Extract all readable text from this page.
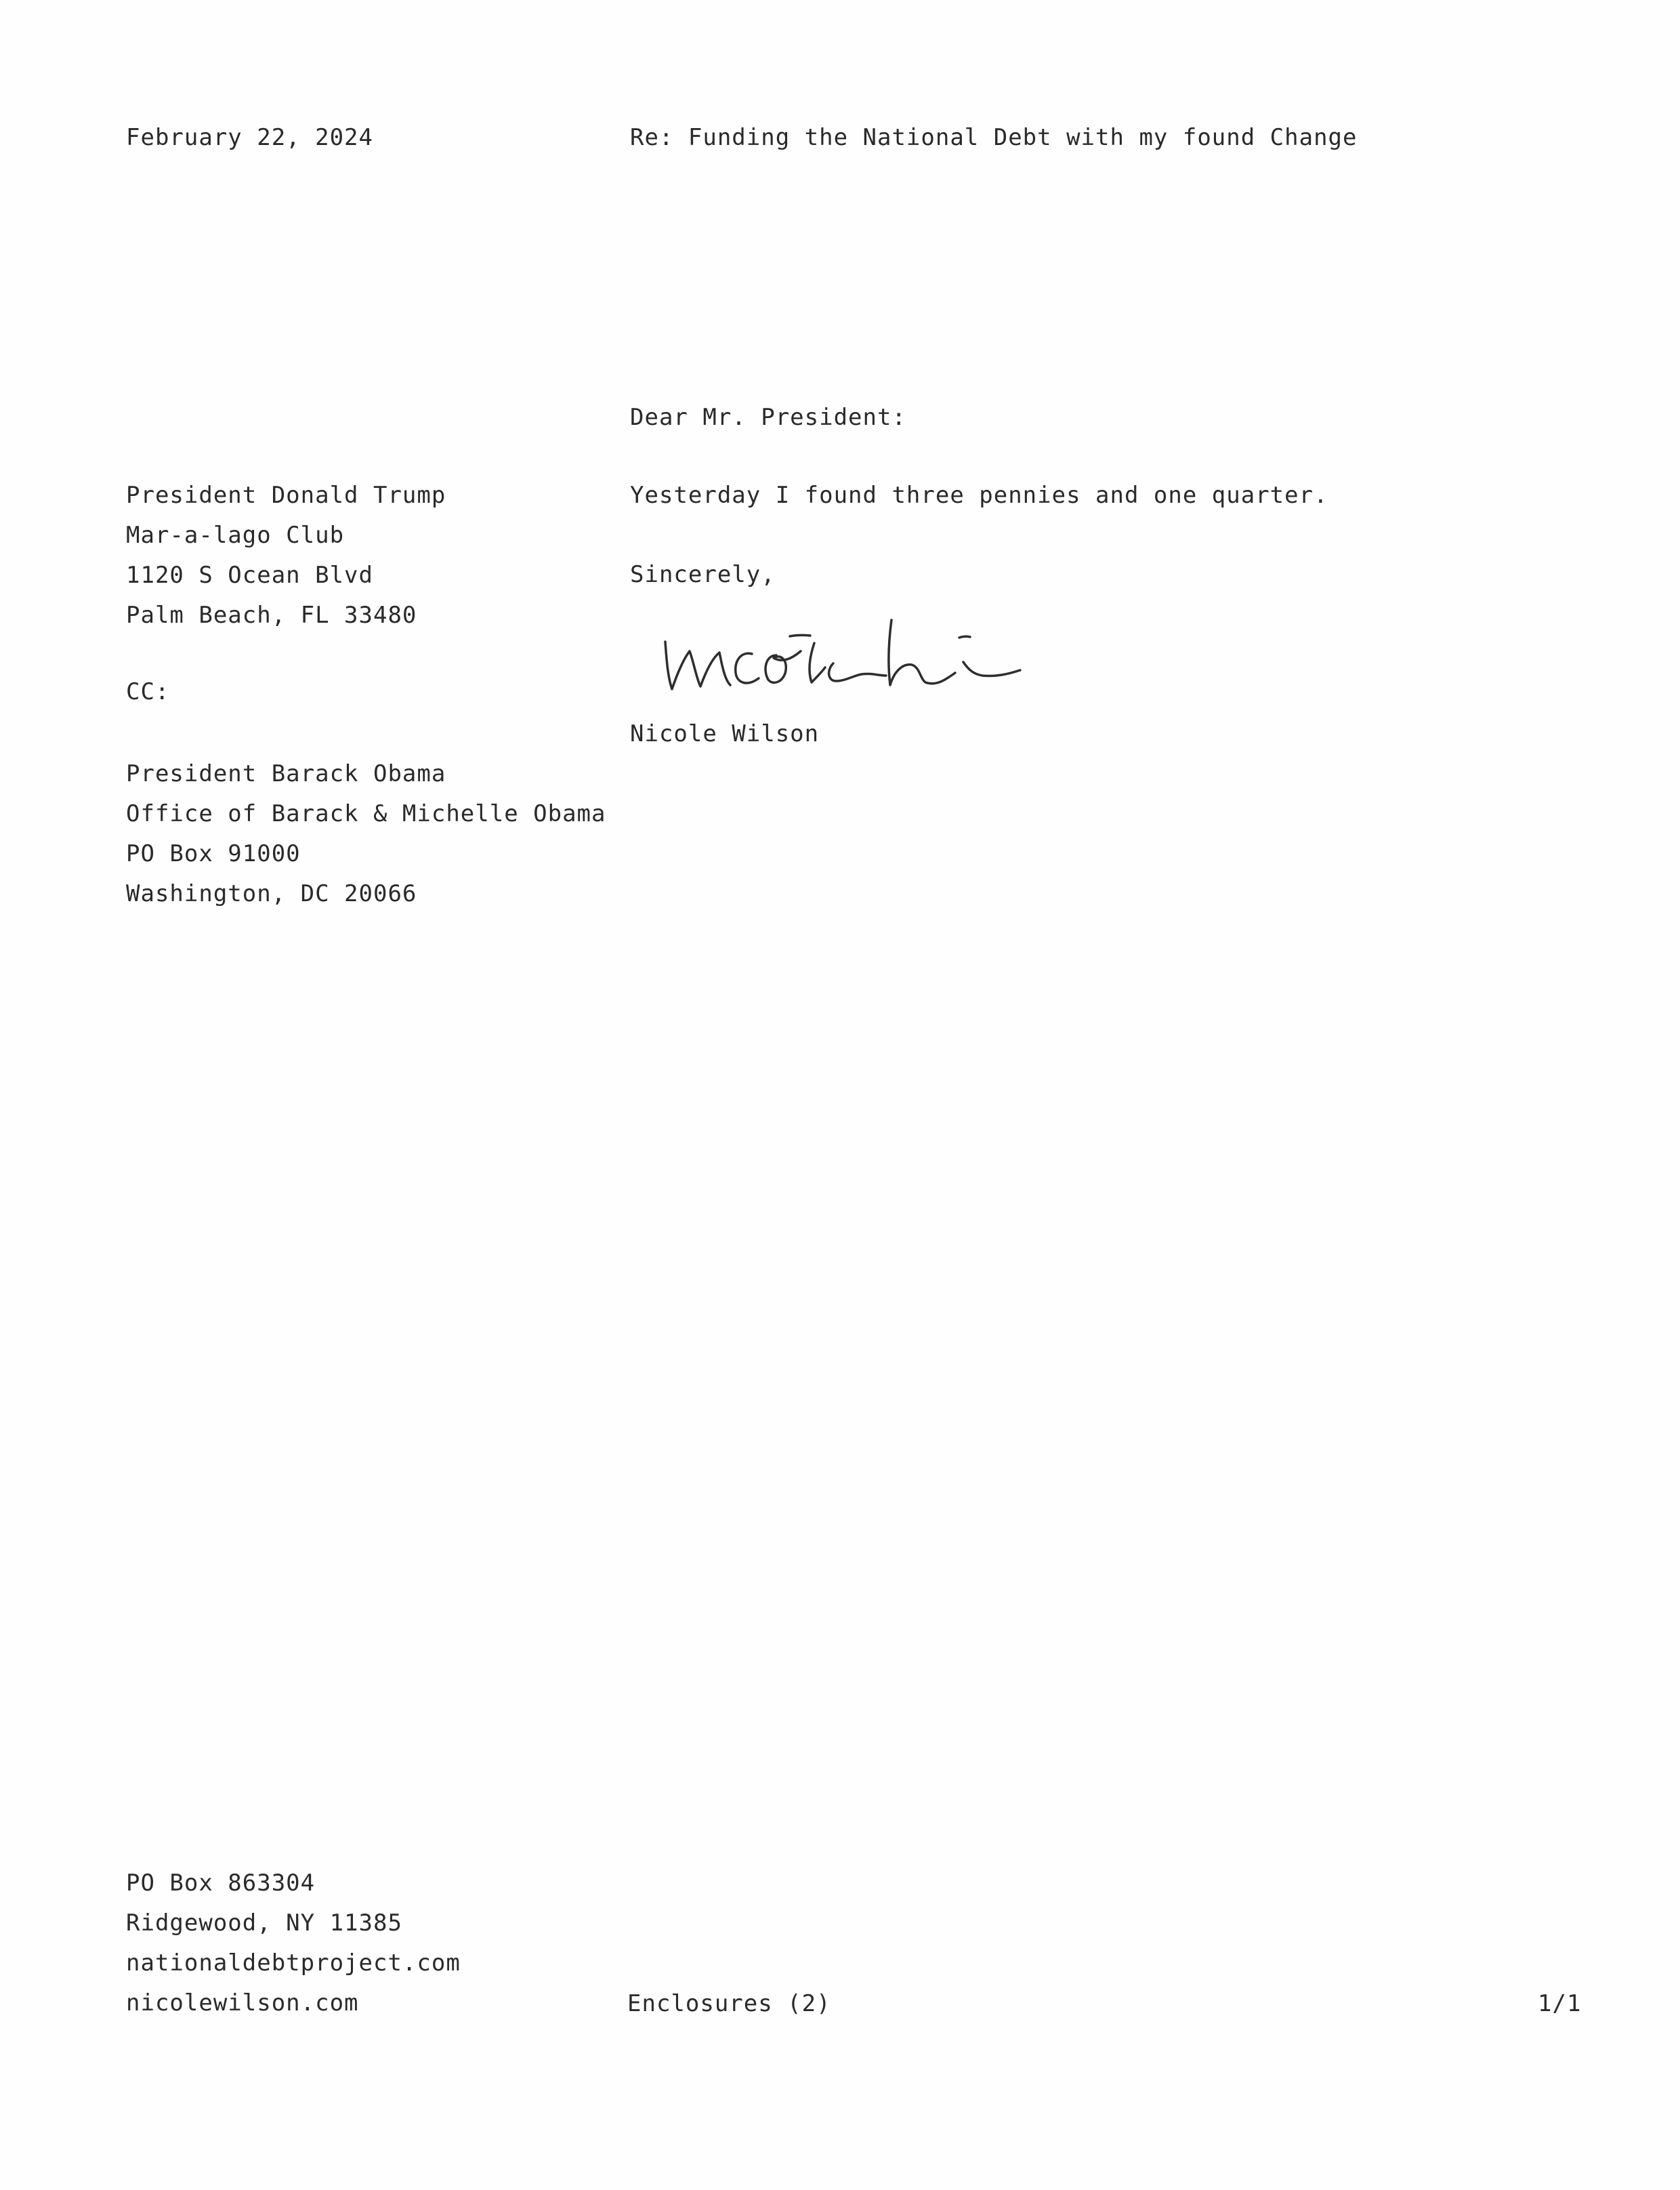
February 22, 2024	Re: Funding the National Debt with my found Change
Dear Mr. President:
President Donald Trump
Mar-a-lago Club
1120 S Ocean Blvd
Palm Beach, FL 33480
Yesterday I found three pennies and one quarter.
Sincerely,
Nicole Wilson
CC:
President Barack Obama
Office of Barack & Michelle Obama
PO Box 91000
Washington, DC 20066
PO Box 863304
Ridgewood, NY 11385
nationaldebtproject.com
nicolewilson.com	Enclosures (2)	1/1
